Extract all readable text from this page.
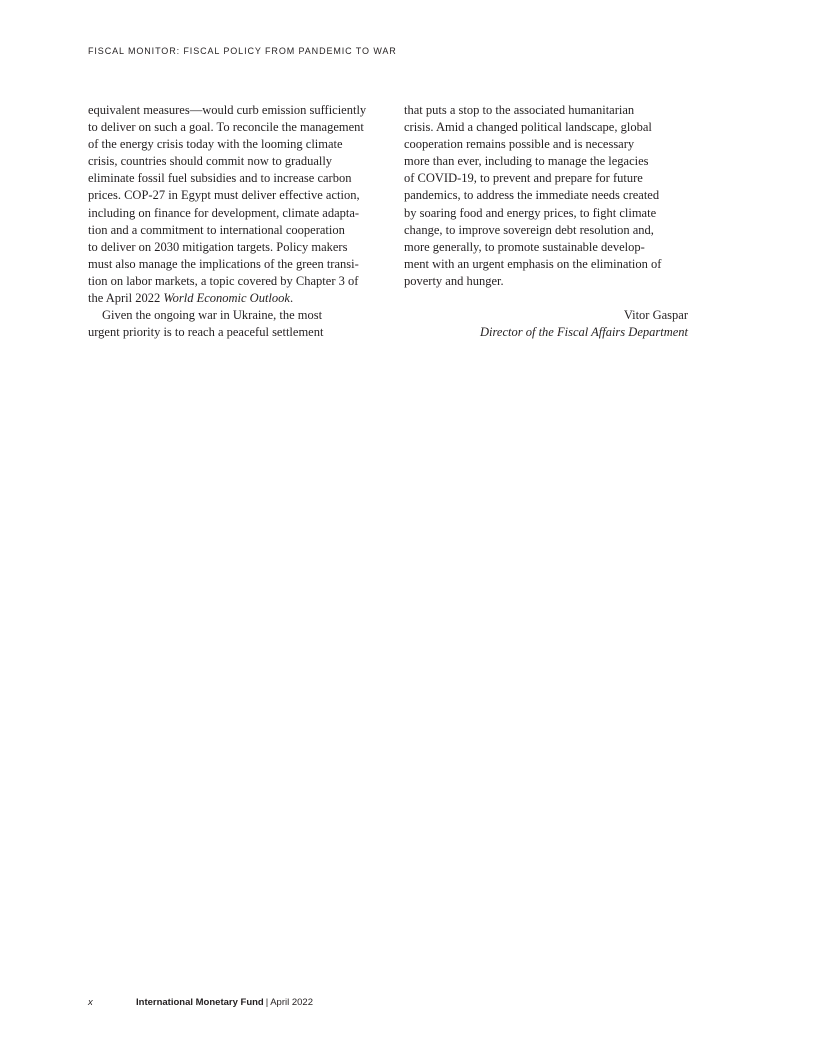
FISCAL MONITOR: FISCAL POLICY FROM PANDEMIC TO WAR
equivalent measures—would curb emission sufficiently
to deliver on such a goal. To reconcile the management
of the energy crisis today with the looming climate
crisis, countries should commit now to gradually
eliminate fossil fuel subsidies and to increase carbon
prices. COP-27 in Egypt must deliver effective action,
including on finance for development, climate adapta-
tion and a commitment to international cooperation
to deliver on 2030 mitigation targets. Policy makers
must also manage the implications of the green transi-
tion on labor markets, a topic covered by Chapter 3 of
the April 2022 World Economic Outlook.
Given the ongoing war in Ukraine, the most
urgent priority is to reach a peaceful settlement
that puts a stop to the associated humanitarian
crisis. Amid a changed political landscape, global
cooperation remains possible and is necessary
more than ever, including to manage the legacies
of COVID-19, to prevent and prepare for future
pandemics, to address the immediate needs created
by soaring food and energy prices, to fight climate
change, to improve sovereign debt resolution and,
more generally, to promote sustainable develop-
ment with an urgent emphasis on the elimination of
poverty and hunger.
Vitor Gaspar
Director of the Fiscal Affairs Department
x	International Monetary Fund | April 2022
